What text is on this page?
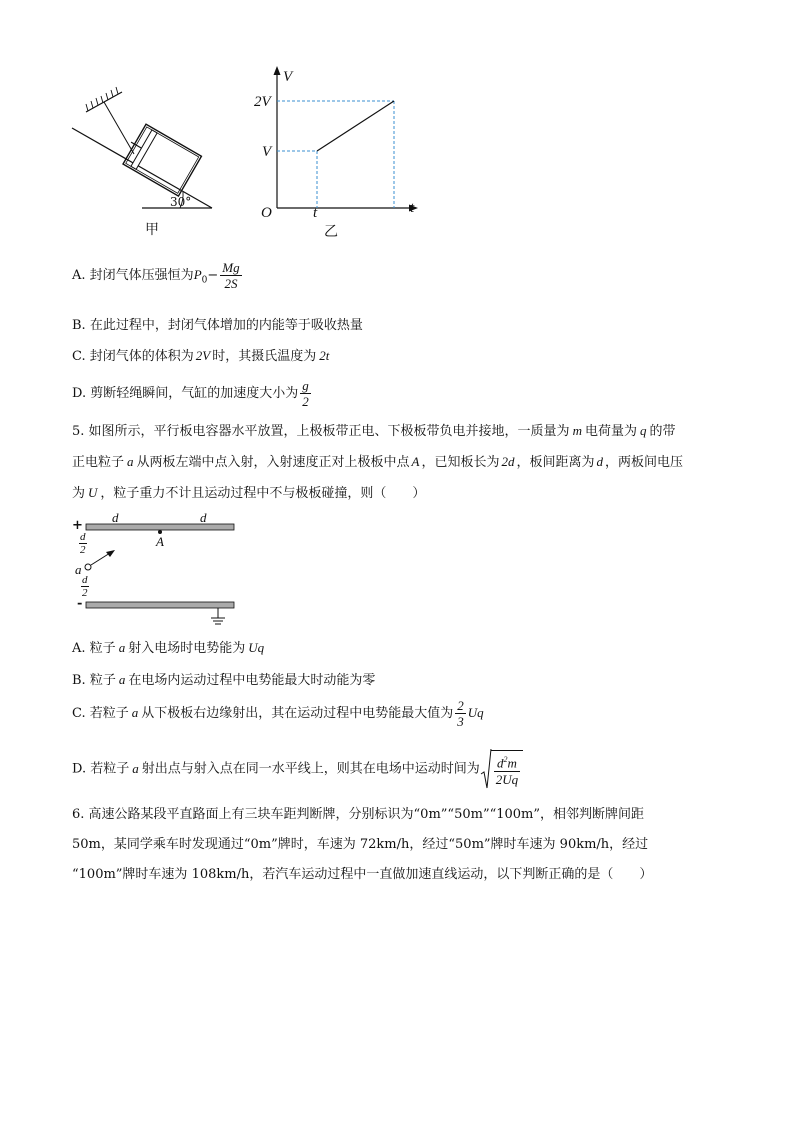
30°
甲
V
t
O
2V
V
t
乙
A. 封闭气体压强恒为$P_0- \frac{Mg}{2S}$
B. 在此过程中，封闭气体增加的内能等于吸收热量
C. 封闭气体的体积为 2V 时，其摄氏温度为 2t
D. 剪断轻绳瞬间，气缸的加速度大小为 $\frac{g}{2}$
5. 如图所示，平行板电容器水平放置，上极板带正电、下极板带负电并接地，一质量为 m 电荷量为 q 的带
正电粒子 a 从两板左端中点入射，入射速度正对上极板中点 A ，已知板长为 2d ，板间距离为 d ，两板间电压
为 U ，粒子重力不计且运动过程中不与极板碰撞，则（　　）
+
-
d	d
A
d
2
a
d
2
A. 粒子 a 射入电场时电势能为 Uq
B. 粒子 a 在电场内运动过程中电势能最大时动能为零
C. 若粒子 a 从下极板右边缘射出，其在运动过程中电势能最大值为 $\frac{2}{3}$ Uq
D. 若粒子 a 射出点与射入点在同一水平线上，则其在电场中运动时间为 $\frac{d^2m}{2Uq}$
6. 高速公路某段平直路面上有三块车距判断牌，分别标识为“0m”“50m”“100m”，相邻判断牌间距
50m，某同学乘车时发现通过“0m”牌时，车速为 72km/h，经过“50m”牌时车速为 90km/h，经过
“100m”牌时车速为 108km/h，若汽车运动过程中一直做加速直线运动，以下判断正确的是（　　）
